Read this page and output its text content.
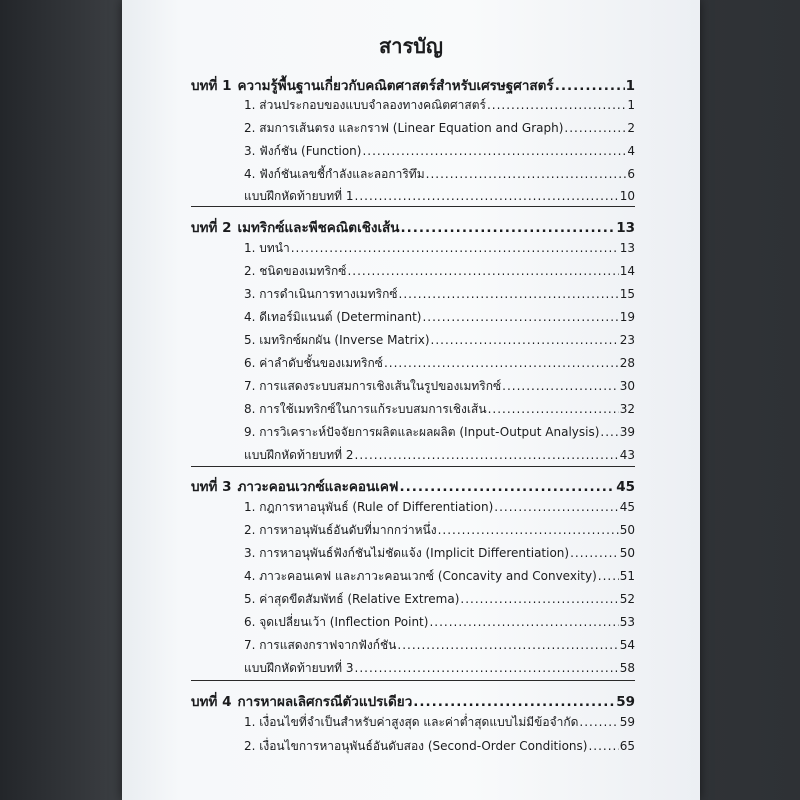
สารบัญ
บทที่ 1 ความรู้พื้นฐานเกี่ยวกับคณิตศาสตร์สำหรับเศรษฐศาสตร์ .....	1
1. ส่วนประกอบของแบบจำลองทางคณิตศาสตร์ .....	1
2. สมการเส้นตรง และกราฟ (Linear Equation and Graph) .....	2
3. ฟังก์ชัน (Function) .....	4
4. ฟังก์ชันเลขชี้กำลังและลอการิทึม .....	6
แบบฝึกหัดท้ายบทที่ 1 .....	10
บทที่ 2 เมทริกซ์และพีชคณิตเชิงเส้น .....	13
1. บทนำ .....	13
2. ชนิดของเมทริกซ์ .....	14
3. การดำเนินการทางเมทริกซ์ .....	15
4. ดีเทอร์มิแนนต์ (Determinant) .....	19
5. เมทริกซ์ผกผัน (Inverse Matrix) .....	23
6. ค่าลำดับชั้นของเมทริกซ์ .....	28
7. การแสดงระบบสมการเชิงเส้นในรูปของเมทริกซ์ .....	30
8. การใช้เมทริกซ์ในการแก้ระบบสมการเชิงเส้น .....	32
9. การวิเคราะห์ปัจจัยการผลิตและผลผลิต (Input-Output Analysis) ..... 39
แบบฝึกหัดท้ายบทที่ 2 .....	43
บทที่ 3 ภาวะคอนเวกซ์และคอนเคฟ .....	45
1. กฎการหาอนุพันธ์ (Rule of Differentiation) .....	45
2. การหาอนุพันธ์อันดับที่มากกว่าหนึ่ง .....	50
3. การหาอนุพันธ์ฟังก์ชันไม่ชัดแจ้ง (Implicit Differentiation) .....	50
4. ภาวะคอนเคฟ และภาวะคอนเวกซ์ (Concavity and Convexity) ..... 51
5. ค่าสุดขีดสัมพัทธ์ (Relative Extrema) .....	52
6. จุดเปลี่ยนเว้า (Inflection Point) .....	53
7. การแสดงกราฟจากฟังก์ชัน .....	54
แบบฝึกหัดท้ายบทที่ 3 .....	58
บทที่ 4 การหาผลเลิศกรณีตัวแปรเดียว .....	59
1. เงื่อนไขที่จำเป็นสำหรับค่าสูงสุด และค่าต่ำสุดแบบไม่มีข้อจำกัด .....	59
2. เงื่อนไขการหาอนุพันธ์อันดับสอง (Second-Order Conditions) .....	65
